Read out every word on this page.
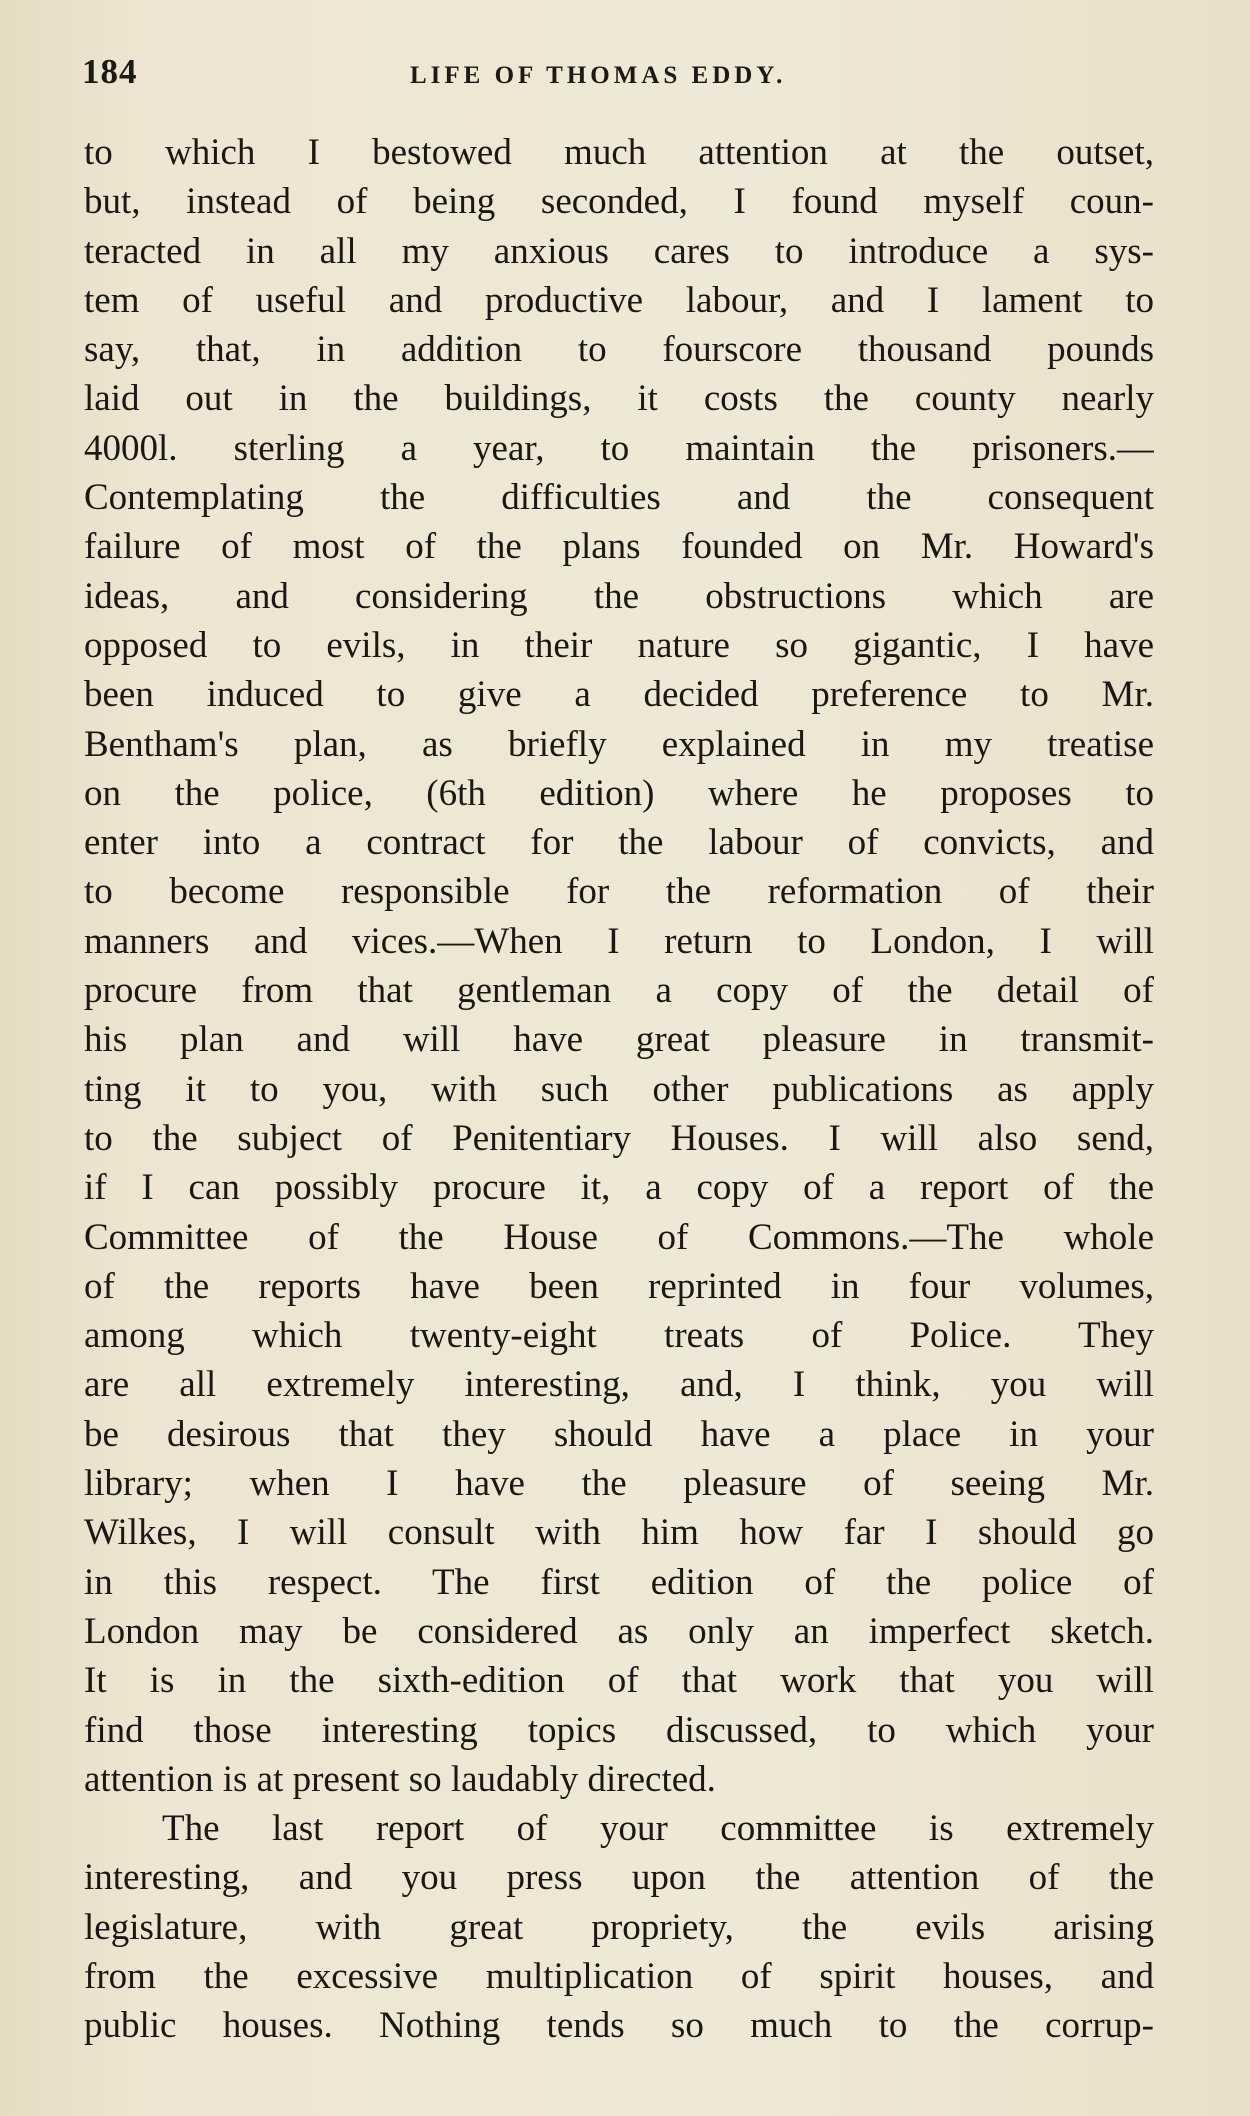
184	LIFE OF THOMAS EDDY.
to which I bestowed much attention at the outset,
but, instead of being seconded, I found myself coun-
teracted in all my anxious cares to introduce a sys-
tem of useful and productive labour, and I lament to
say, that, in addition to fourscore thousand pounds
laid out in the buildings, it costs the county nearly
4000l. sterling a year, to maintain the prisoners.—
Contemplating the difficulties and the consequent
failure of most of the plans founded on Mr. Howard's
ideas, and considering the obstructions which are
opposed to evils, in their nature so gigantic, I have
been induced to give a decided preference to Mr.
Bentham's plan, as briefly explained in my treatise
on the police, (6th edition) where he proposes to
enter into a contract for the labour of convicts, and
to become responsible for the reformation of their
manners and vices.—When I return to London, I will
procure from that gentleman a copy of the detail of
his plan and will have great pleasure in transmit-
ting it to you, with such other publications as apply
to the subject of Penitentiary Houses. I will also send,
if I can possibly procure it, a copy of a report of the
Committee of the House of Commons.—The whole
of the reports have been reprinted in four volumes,
among which twenty-eight treats of Police. They
are all extremely interesting, and, I think, you will
be desirous that they should have a place in your
library; when I have the pleasure of seeing Mr.
Wilkes, I will consult with him how far I should go
in this respect. The first edition of the police of
London may be considered as only an imperfect sketch.
It is in the sixth-edition of that work that you will
find those interesting topics discussed, to which your
attention is at present so laudably directed.
The last report of your committee is extremely
interesting, and you press upon the attention of the
legislature, with great propriety, the evils arising
from the excessive multiplication of spirit houses, and
public houses. Nothing tends so much to the corrup-
